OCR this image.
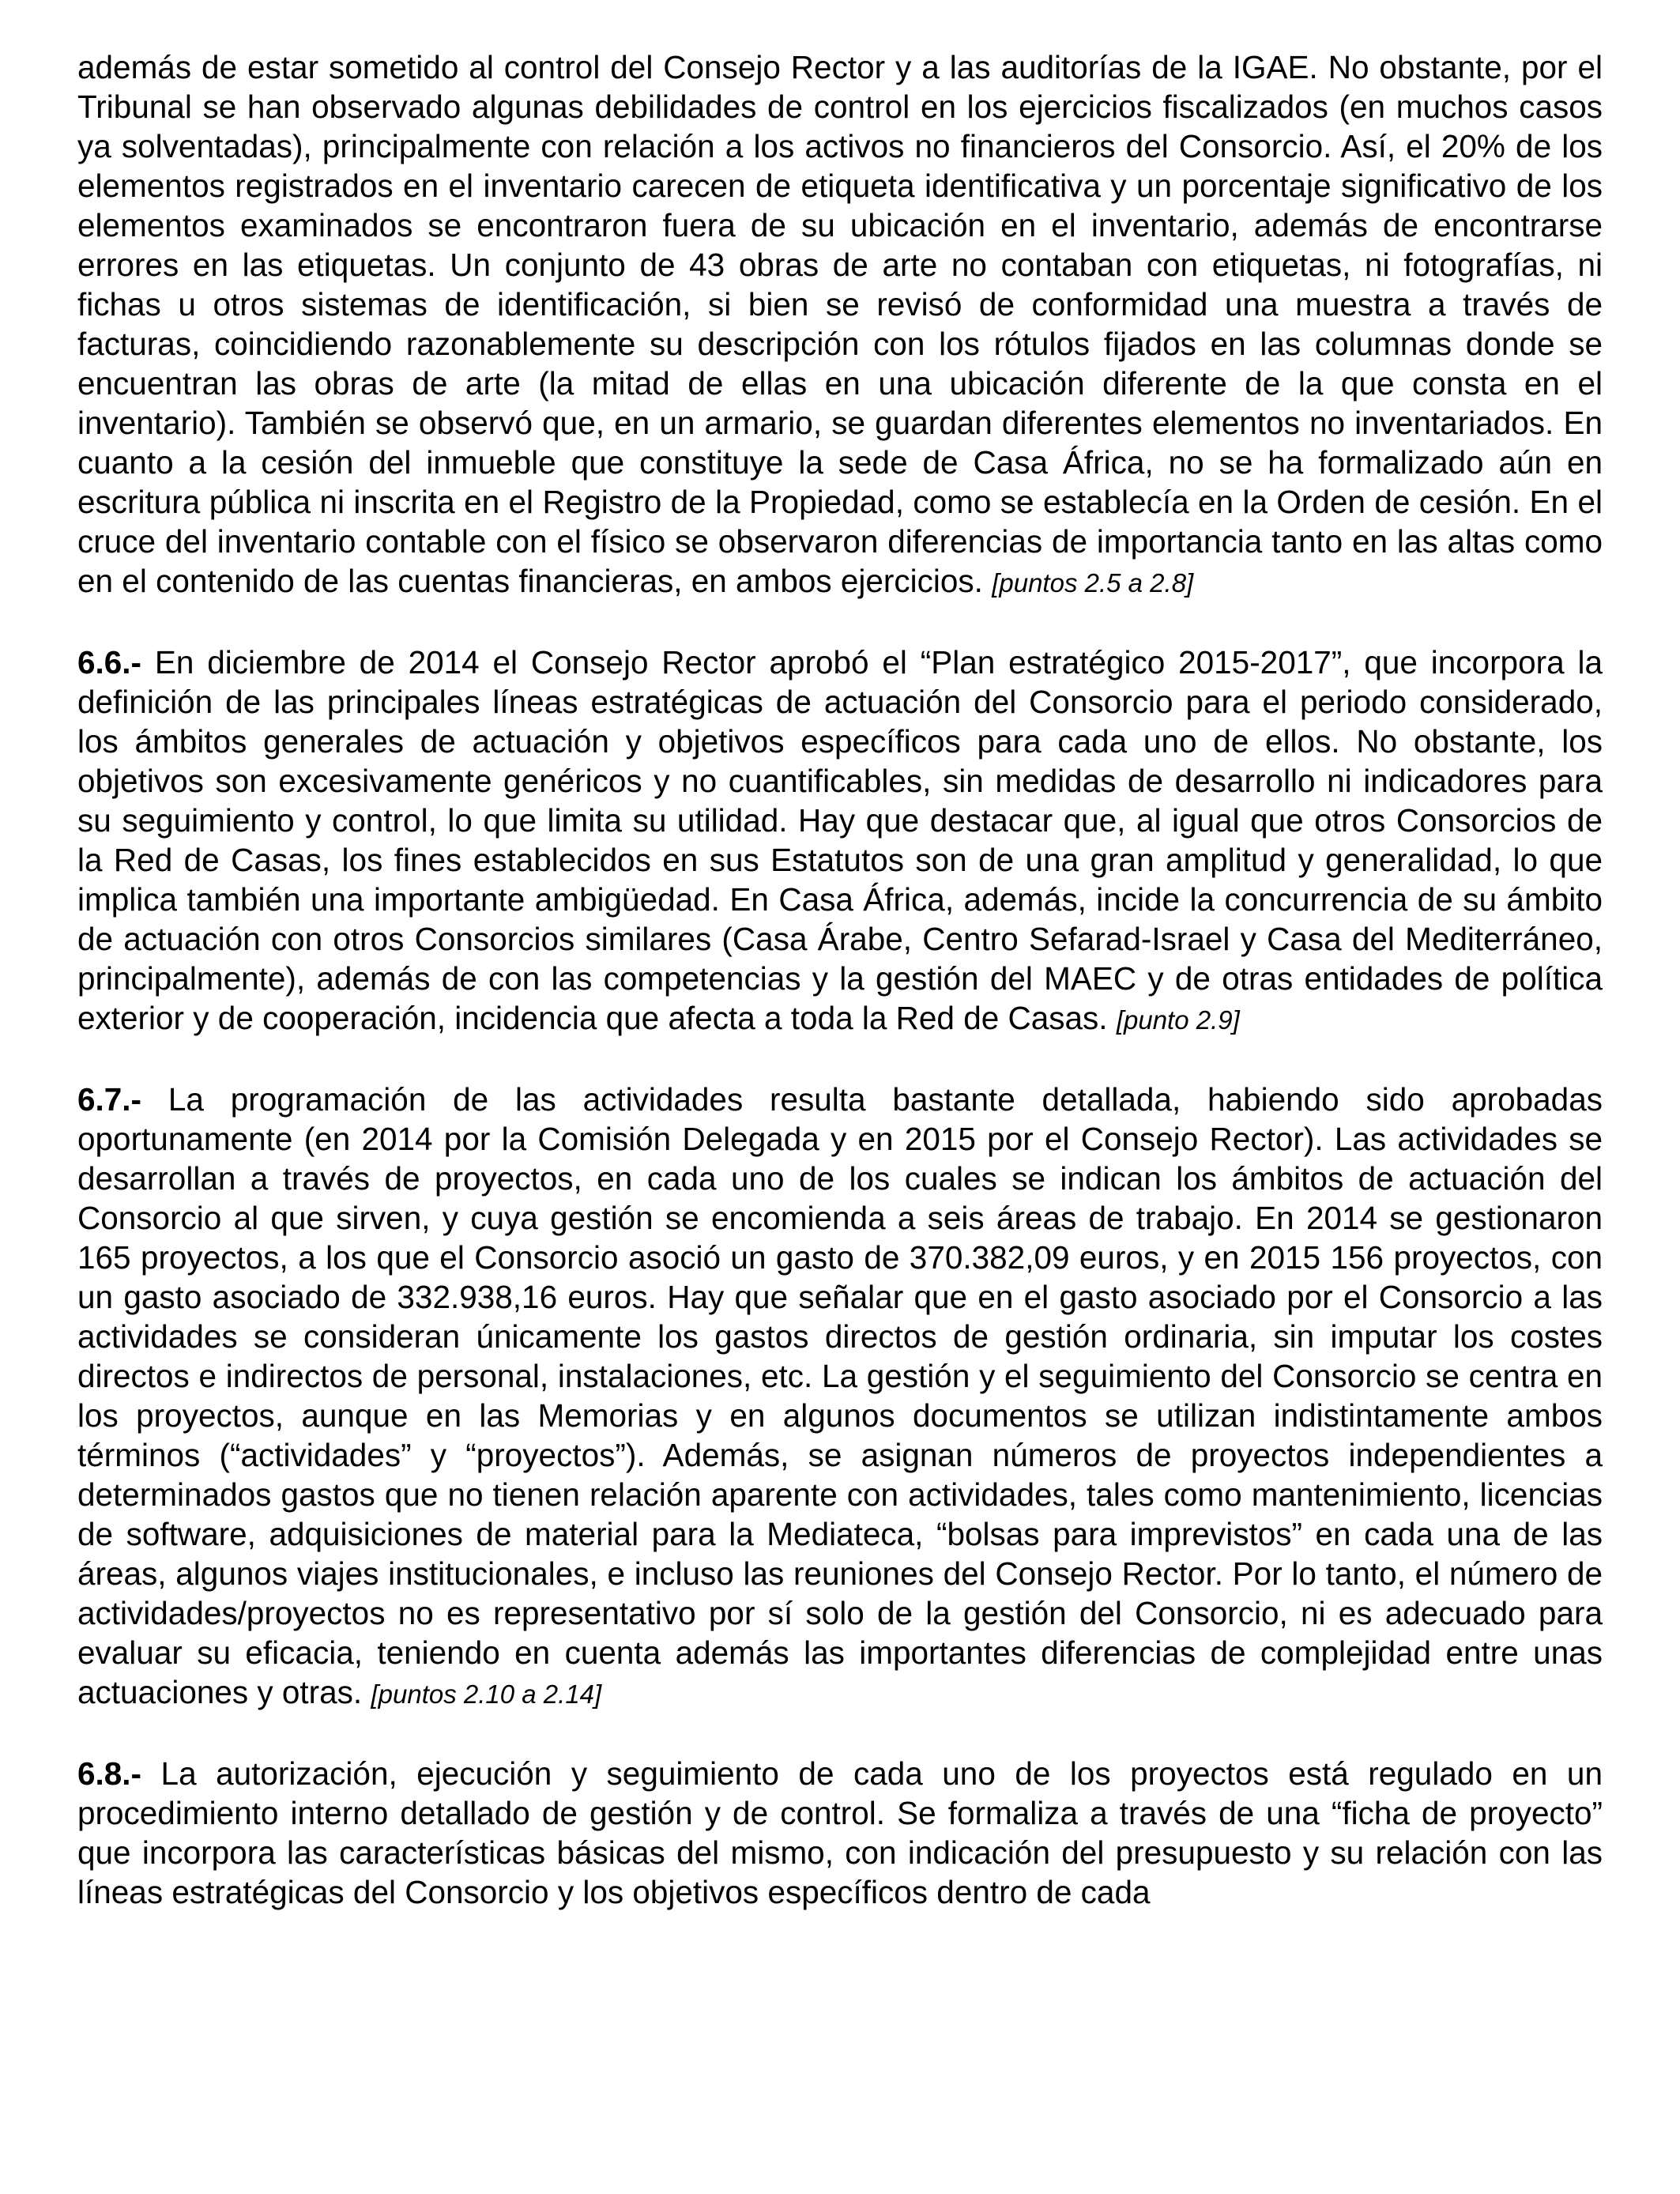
además de estar sometido al control del Consejo Rector y a las auditorías de la IGAE. No obstante, por el Tribunal se han observado algunas debilidades de control en los ejercicios fiscalizados (en muchos casos ya solventadas), principalmente con relación a los activos no financieros del Consorcio. Así, el 20% de los elementos registrados en el inventario carecen de etiqueta identificativa y un porcentaje significativo de los elementos examinados se encontraron fuera de su ubicación en el inventario, además de encontrarse errores en las etiquetas. Un conjunto de 43 obras de arte no contaban con etiquetas, ni fotografías, ni fichas u otros sistemas de identificación, si bien se revisó de conformidad una muestra a través de facturas, coincidiendo razonablemente su descripción con los rótulos fijados en las columnas donde se encuentran las obras de arte (la mitad de ellas en una ubicación diferente de la que consta en el inventario). También se observó que, en un armario, se guardan diferentes elementos no inventariados. En cuanto a la cesión del inmueble que constituye la sede de Casa África, no se ha formalizado aún en escritura pública ni inscrita en el Registro de la Propiedad, como se establecía en la Orden de cesión. En el cruce del inventario contable con el físico se observaron diferencias de importancia tanto en las altas como en el contenido de las cuentas financieras, en ambos ejercicios. [puntos 2.5 a 2.8]

6.6.- En diciembre de 2014 el Consejo Rector aprobó el “Plan estratégico 2015-2017”, que incorpora la definición de las principales líneas estratégicas de actuación del Consorcio para el periodo considerado, los ámbitos generales de actuación y objetivos específicos para cada uno de ellos. No obstante, los objetivos son excesivamente genéricos y no cuantificables, sin medidas de desarrollo ni indicadores para su seguimiento y control, lo que limita su utilidad. Hay que destacar que, al igual que otros Consorcios de la Red de Casas, los fines establecidos en sus Estatutos son de una gran amplitud y generalidad, lo que implica también una importante ambigüedad. En Casa África, además, incide la concurrencia de su ámbito de actuación con otros Consorcios similares (Casa Árabe, Centro Sefarad-Israel y Casa del Mediterráneo, principalmente), además de con las competencias y la gestión del MAEC y de otras entidades de política exterior y de cooperación, incidencia que afecta a toda la Red de Casas. [punto 2.9]

6.7.- La programación de las actividades resulta bastante detallada, habiendo sido aprobadas oportunamente (en 2014 por la Comisión Delegada y en 2015 por el Consejo Rector). Las actividades se desarrollan a través de proyectos, en cada uno de los cuales se indican los ámbitos de actuación del Consorcio al que sirven, y cuya gestión se encomienda a seis áreas de trabajo. En 2014 se gestionaron 165 proyectos, a los que el Consorcio asoció un gasto de 370.382,09 euros, y en 2015 156 proyectos, con un gasto asociado de 332.938,16 euros. Hay que señalar que en el gasto asociado por el Consorcio a las actividades se consideran únicamente los gastos directos de gestión ordinaria, sin imputar los costes directos e indirectos de personal, instalaciones, etc. La gestión y el seguimiento del Consorcio se centra en los proyectos, aunque en las Memorias y en algunos documentos se utilizan indistintamente ambos términos (“actividades” y “proyectos”). Además, se asignan números de proyectos independientes a determinados gastos que no tienen relación aparente con actividades, tales como mantenimiento, licencias de software, adquisiciones de material para la Mediateca, “bolsas para imprevistos” en cada una de las áreas, algunos viajes institucionales, e incluso las reuniones del Consejo Rector. Por lo tanto, el número de actividades/proyectos no es representativo por sí solo de la gestión del Consorcio, ni es adecuado para evaluar su eficacia, teniendo en cuenta además las importantes diferencias de complejidad entre unas actuaciones y otras. [puntos 2.10 a 2.14]

6.8.- La autorización, ejecución y seguimiento de cada uno de los proyectos está regulado en un procedimiento interno detallado de gestión y de control. Se formaliza a través de una “ficha de proyecto” que incorpora las características básicas del mismo, con indicación del presupuesto y su relación con las líneas estratégicas del Consorcio y los objetivos específicos dentro de cada
